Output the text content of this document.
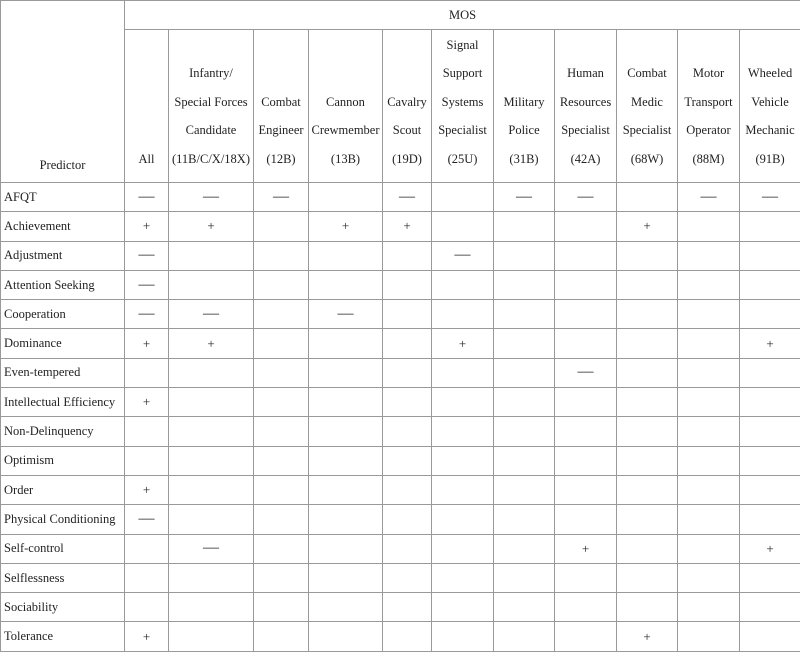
Predictor	MOS										

	All	Infantry/
Special Forces
Candidate
(11B/C/X/18X)	Combat
Engineer
(12B)	Cannon
Crewmember
(13B)	Cavalry
Scout
(19D)	Signal
Support
Systems
Specialist
(25U)	Military
Police
(31B)	Human
Resources
Specialist
(42A)	Combat
Medic
Specialist
(68W)	Motor
Transport
Operator
(88M)	Wheeled
Vehicle
Mechanic
(91B)

AFQT	—	—	—		—		—	—		—	—
Achievement	+	+		+	+				+		
Adjustment	—					—					
Attention Seeking	—										
Cooperation	—	—		—							
Dominance	+	+				+					+
Even-tempered								—			
Intellectual Efficiency	+										
Non-Delinquency											
Optimism											
Order	+										
Physical Conditioning	—										
Self-control		—						+			+
Selflessness											
Sociability											
Tolerance	+								+		
